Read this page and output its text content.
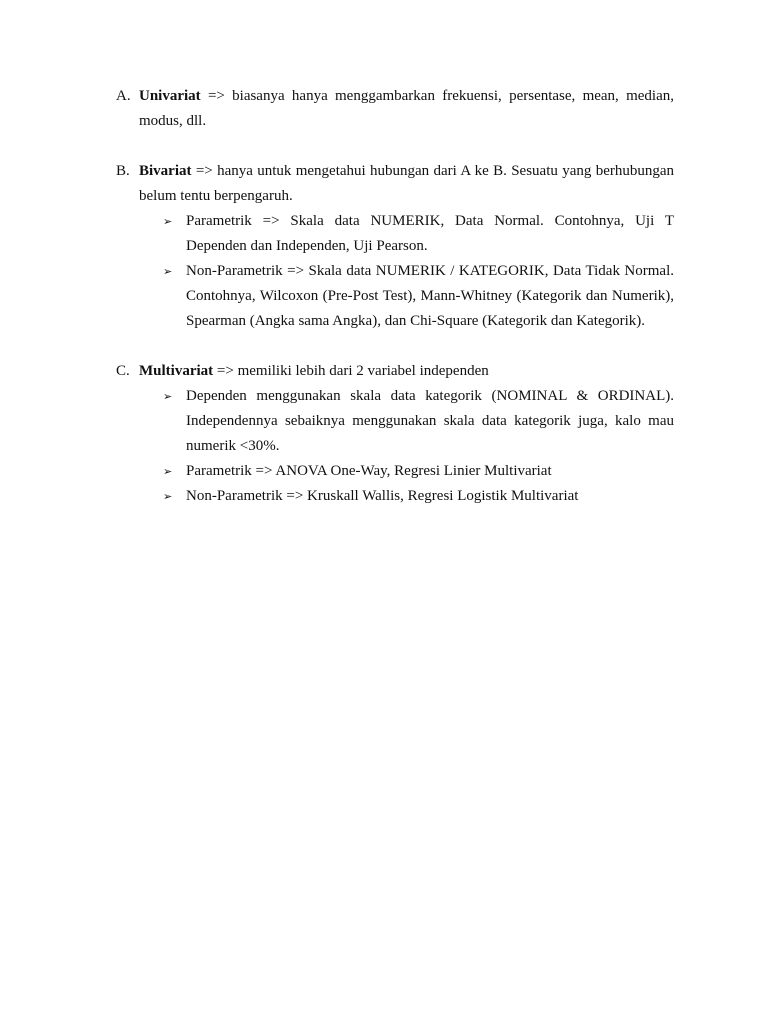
A. Univariat => biasanya hanya menggambarkan frekuensi, persentase, mean, median, modus, dll.
B. Bivariat => hanya untuk mengetahui hubungan dari A ke B. Sesuatu yang berhubungan belum tentu berpengaruh.
➢ Parametrik => Skala data NUMERIK, Data Normal. Contohnya, Uji T Dependen dan Independen, Uji Pearson.
➢ Non-Parametrik => Skala data NUMERIK / KATEGORIK, Data Tidak Normal. Contohnya, Wilcoxon (Pre-Post Test), Mann-Whitney (Kategorik dan Numerik), Spearman (Angka sama Angka), dan Chi-Square (Kategorik dan Kategorik).
C. Multivariat => memiliki lebih dari 2 variabel independen
➢ Dependen menggunakan skala data kategorik (NOMINAL & ORDINAL). Independennya sebaiknya menggunakan skala data kategorik juga, kalo mau numerik <30%.
➢ Parametrik => ANOVA One-Way, Regresi Linier Multivariat
➢ Non-Parametrik => Kruskall Wallis, Regresi Logistik Multivariat
